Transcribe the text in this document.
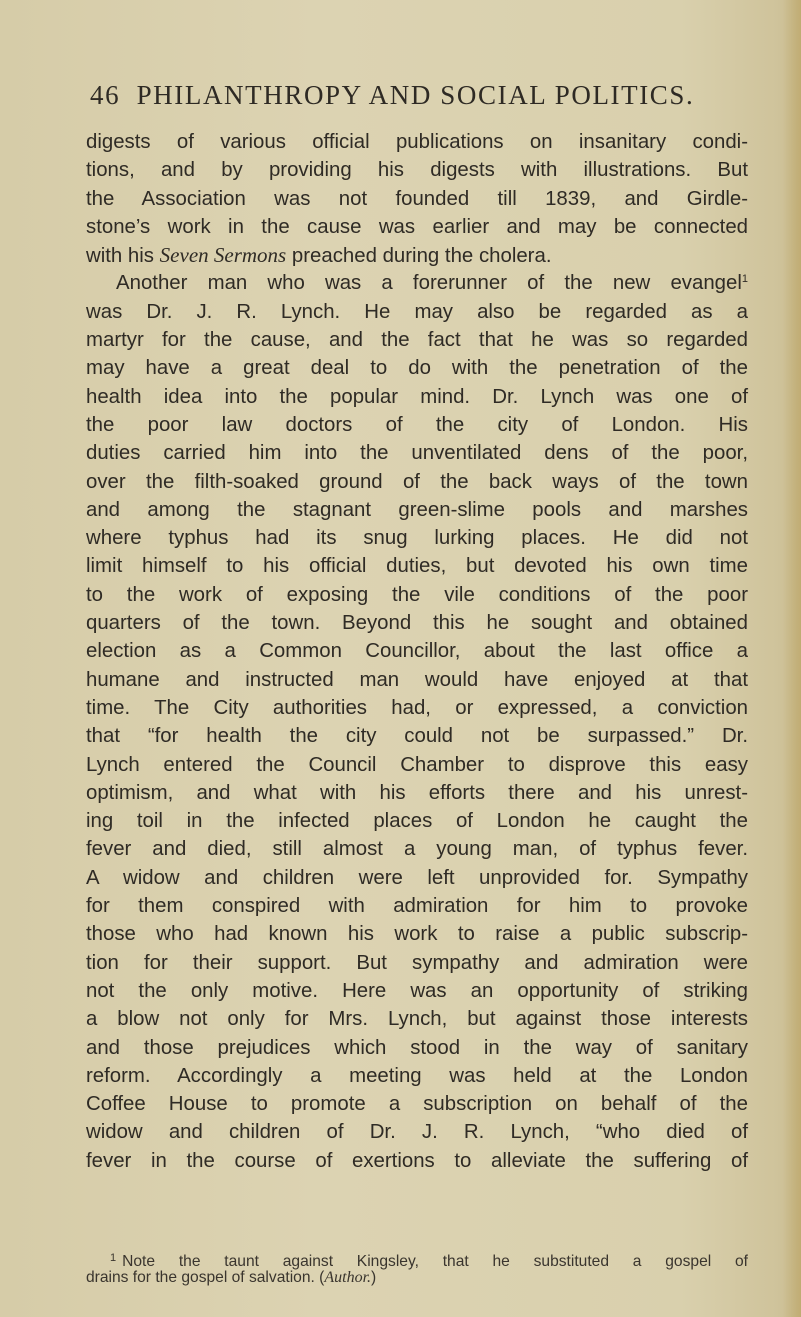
46 PHILANTHROPY AND SOCIAL POLITICS.
digests of various official publications on insanitary condi-
tions, and by providing his digests with illustrations. But
the Association was not founded till 1839, and Girdle-
stone’s work in the cause was earlier and may be connected
with his Seven Sermons preached during the cholera.
Another man who was a forerunner of the new evangel$^1$
was Dr. J. R. Lynch. He may also be regarded as a
martyr for the cause, and the fact that he was so regarded
may have a great deal to do with the penetration of the
health idea into the popular mind. Dr. Lynch was one of
the poor law doctors of the city of London. His
duties carried him into the unventilated dens of the poor,
over the filth-soaked ground of the back ways of the town
and among the stagnant green-slime pools and marshes
where typhus had its snug lurking places. He did not
limit himself to his official duties, but devoted his own time
to the work of exposing the vile conditions of the poor
quarters of the town. Beyond this he sought and obtained
election as a Common Councillor, about the last office a
humane and instructed man would have enjoyed at that
time. The City authorities had, or expressed, a conviction
that “for health the city could not be surpassed.” Dr.
Lynch entered the Council Chamber to disprove this easy
optimism, and what with his efforts there and his unrest-
ing toil in the infected places of London he caught the
fever and died, still almost a young man, of typhus fever.
A widow and children were left unprovided for. Sympathy
for them conspired with admiration for him to provoke
those who had known his work to raise a public subscrip-
tion for their support. But sympathy and admiration were
not the only motive. Here was an opportunity of striking
a blow not only for Mrs. Lynch, but against those interests
and those prejudices which stood in the way of sanitary
reform. Accordingly a meeting was held at the London
Coffee House to promote a subscription on behalf of the
widow and children of Dr. J. R. Lynch, “who died of
fever in the course of exertions to alleviate the suffering of
$^1$ Note the taunt against Kingsley, that he substituted a gospel of
drains for the gospel of salvation. (Author.)
